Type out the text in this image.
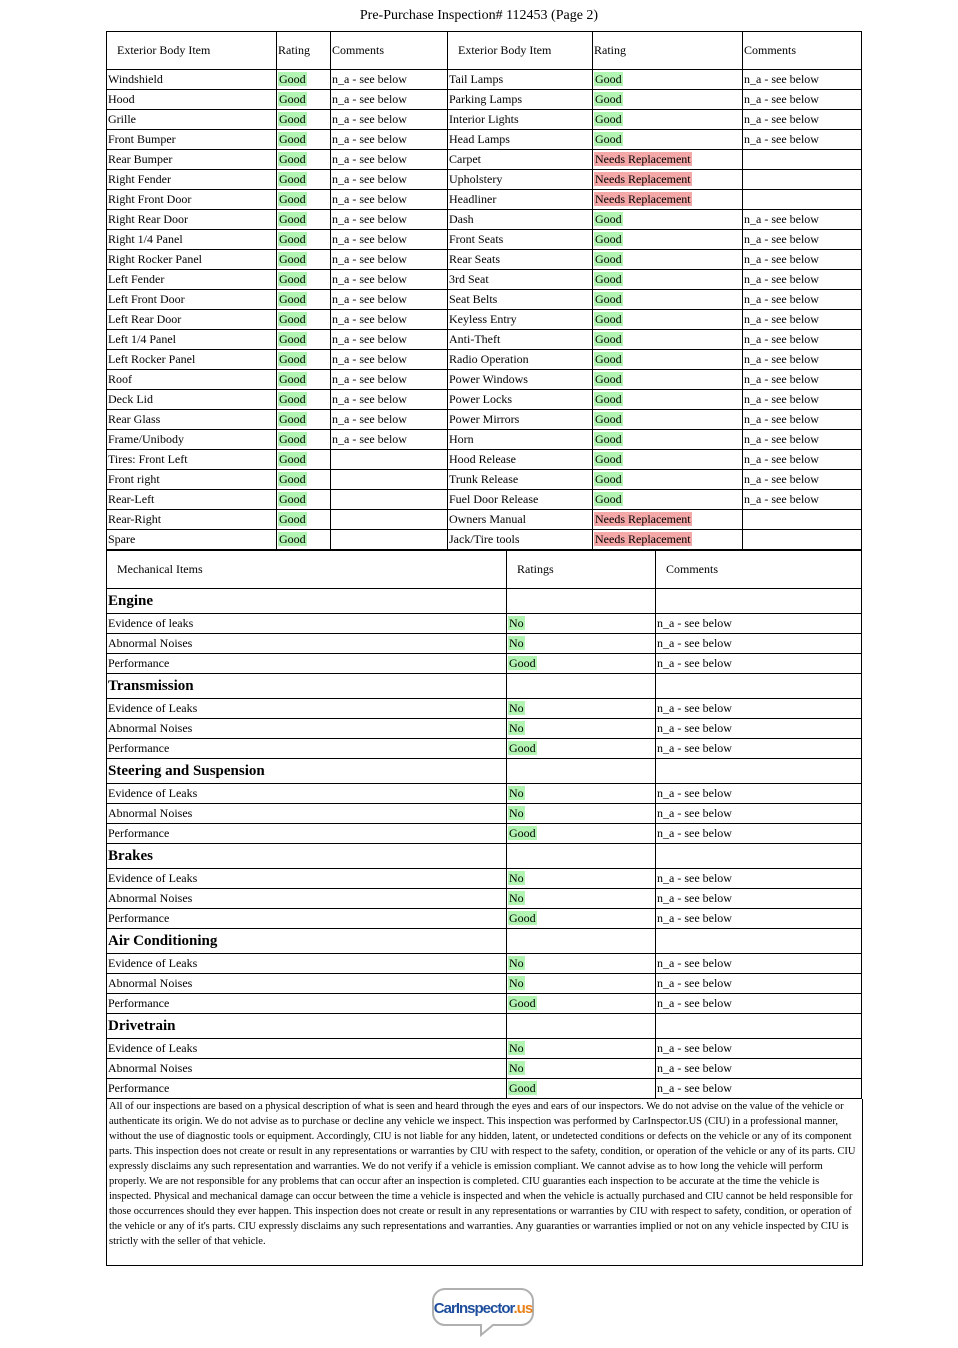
Pre-Purchase Inspection# 112453 (Page 2)
Exterior Body Item	Rating	Comments	Exterior Body Item	Rating	Comments
Windshield	Good	n_a - see below	Tail Lamps	Good	n_a - see below
Hood	Good	n_a - see below	Parking Lamps	Good	n_a - see below
Grille	Good	n_a - see below	Interior Lights	Good	n_a - see below
Front Bumper	Good	n_a - see below	Head Lamps	Good	n_a - see below
Rear Bumper	Good	n_a - see below	Carpet	Needs Replacement	
Right Fender	Good	n_a - see below	Upholstery	Needs Replacement	
Right Front Door	Good	n_a - see below	Headliner	Needs Replacement	
Right Rear Door	Good	n_a - see below	Dash	Good	n_a - see below
Right 1/4 Panel	Good	n_a - see below	Front Seats	Good	n_a - see below
Right Rocker Panel	Good	n_a - see below	Rear Seats	Good	n_a - see below
Left Fender	Good	n_a - see below	3rd Seat	Good	n_a - see below
Left Front Door	Good	n_a - see below	Seat Belts	Good	n_a - see below
Left Rear Door	Good	n_a - see below	Keyless Entry	Good	n_a - see below
Left 1/4 Panel	Good	n_a - see below	Anti-Theft	Good	n_a - see below
Left Rocker Panel	Good	n_a - see below	Radio Operation	Good	n_a - see below
Roof	Good	n_a - see below	Power Windows	Good	n_a - see below
Deck Lid	Good	n_a - see below	Power Locks	Good	n_a - see below
Rear Glass	Good	n_a - see below	Power Mirrors	Good	n_a - see below
Frame/Unibody	Good	n_a - see below	Horn	Good	n_a - see below
Tires: Front Left	Good		Hood Release	Good	n_a - see below
Front right	Good		Trunk Release	Good	n_a - see below
Rear-Left	Good		Fuel Door Release	Good	n_a - see below
Rear-Right	Good		Owners Manual	Needs Replacement	
Spare	Good		Jack/Tire tools	Needs Replacement	
Mechanical Items	Ratings	Comments
Engine		
Evidence of leaks	No	n_a - see below
Abnormal Noises	No	n_a - see below
Performance	Good	n_a - see below
Transmission		
Evidence of Leaks	No	n_a - see below
Abnormal Noises	No	n_a - see below
Performance	Good	n_a - see below
Steering and Suspension		
Evidence of Leaks	No	n_a - see below
Abnormal Noises	No	n_a - see below
Performance	Good	n_a - see below
Brakes		
Evidence of Leaks	No	n_a - see below
Abnormal Noises	No	n_a - see below
Performance	Good	n_a - see below
Air Conditioning		
Evidence of Leaks	No	n_a - see below
Abnormal Noises	No	n_a - see below
Performance	Good	n_a - see below
Drivetrain		
Evidence of Leaks	No	n_a - see below
Abnormal Noises	No	n_a - see below
Performance	Good	n_a - see below
All of our inspections are based on a physical description of what is seen and heard through the eyes and ears of our inspectors. We do not advise on the value of the vehicle or authenticate its origin. We do not advise as to purchase or decline any vehicle we inspect. This inspection was performed by CarInspector.US (CIU) in a professional manner, without the use of diagnostic tools or equipment. Accordingly, CIU is not liable for any hidden, latent, or undetected conditions or defects on the vehicle or any of its component parts. This inspection does not create or result in any representations or warranties by CIU with respect to the safety, condition, or operation of the vehicle or any of its parts. CIU expressly disclaims any such representation and warranties. We do not verify if a vehicle is emission compliant. We cannot advise as to how long the vehicle will perform properly. We are not responsible for any problems that can occur after an inspection is completed. CIU guaranties each inspection to be accurate at the time the vehicle is inspected. Physical and mechanical damage can occur between the time a vehicle is inspected and when the vehicle is actually purchased and CIU cannot be held responsible for those occurrences should they ever happen. This inspection does not create or result in any representations or warranties by CIU with respect to safety, condition, or operation of the vehicle or any of it's parts. CIU expressly disclaims any such representations and warranties. Any guaranties or warranties implied or not on any vehicle inspected by CIU is strictly with the seller of that vehicle.
CarInspector.us
